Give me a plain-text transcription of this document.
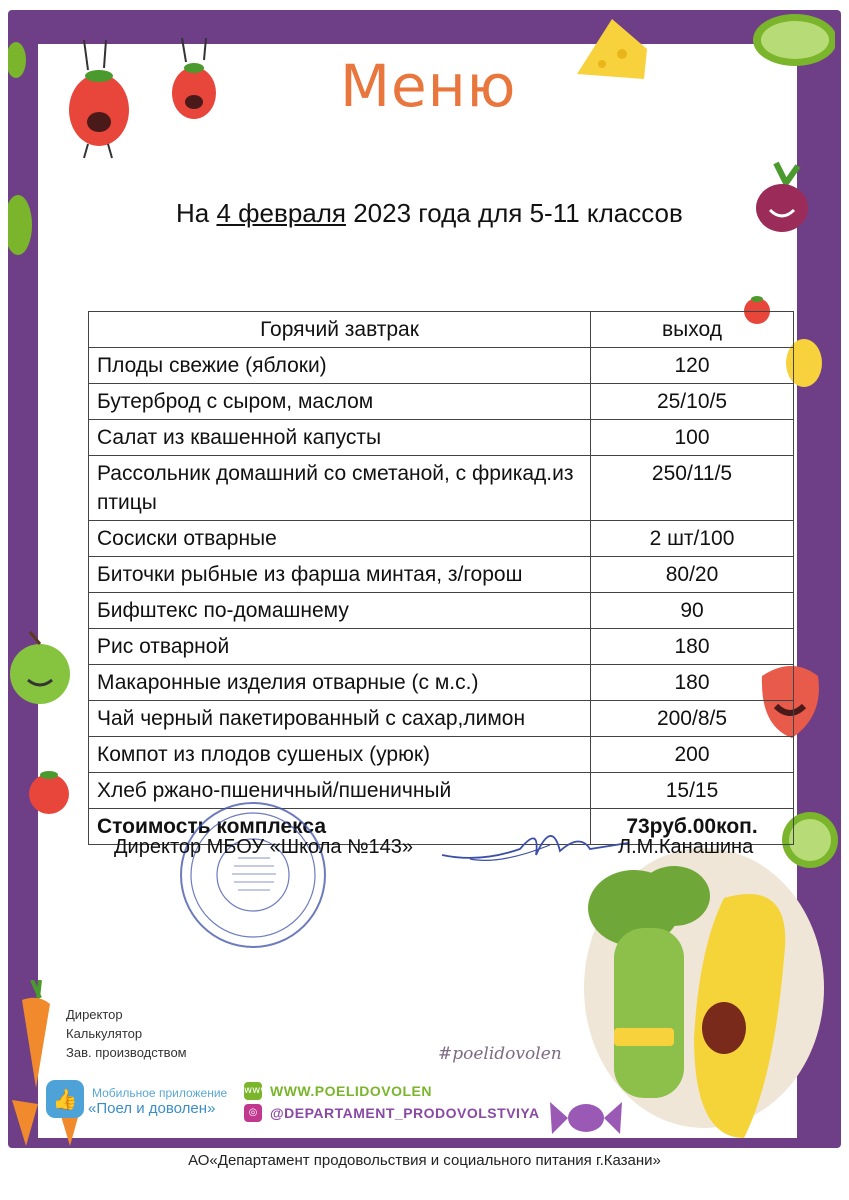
Меню
На 4 февраля 2023 года для 5-11 классов
Горячий завтрак	выход
Плоды свежие (яблоки)	120
Бутерброд с сыром, маслом	25/10/5
Салат из квашенной капусты	100
Рассольник домашний со сметаной, с фрикад.из птицы	250/11/5
Сосиски отварные	2 шт/100
Биточки рыбные из фарша минтая, з/горош	80/20
Бифштекс по-домашнему	90
Рис отварной	180
Макаронные изделия отварные (с м.с.)	180
Чай черный пакетированный с сахар,лимон	200/8/5
Компот из плодов сушеных (урюк)	200
Хлеб ржано-пшеничный/пшеничный	15/15
Стоимость комплекса	73руб.00коп.
Директор МБОУ «Школа №143»	Л.М.Канашина
Директор
Калькулятор
Зав. производством	#poelidovolen
👍	Мобильное приложение
«Поел и доволен»
www WWW.POELIDOVOLEN
◎ @DEPARTAMENT_PRODOVOLSTVIYA
АО«Департамент продовольствия и социального питания г.Казани»
